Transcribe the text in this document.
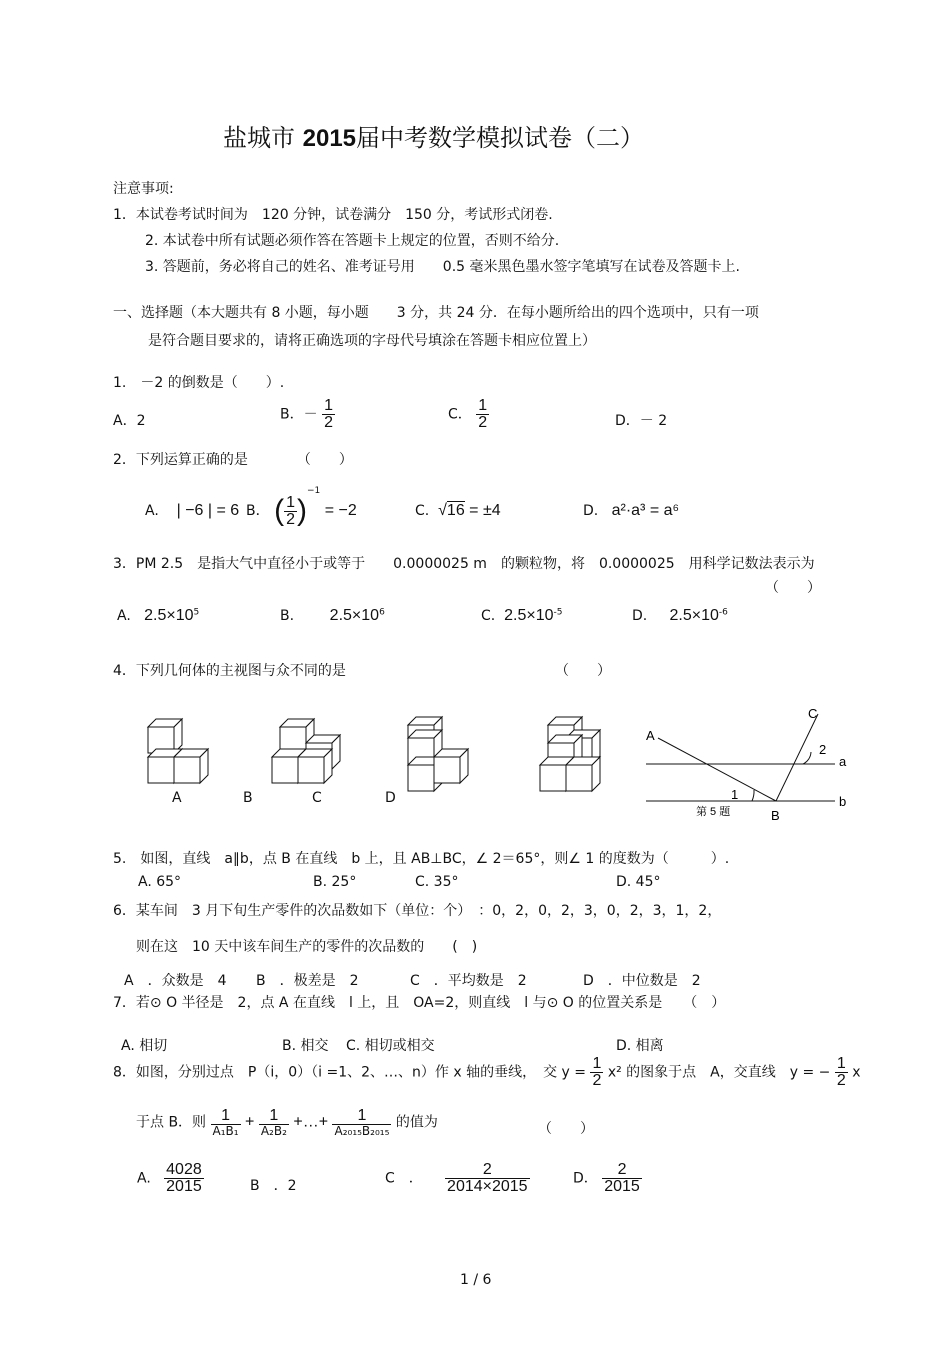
盐城市 2015届中考数学模拟试卷（二）
注意事项:
1．本试卷考试时间为　120 分钟，试卷满分　150 分，考试形式闭卷.
2. 本试卷中所有试题必须作答在答题卡上规定的位置，否则不给分.
3. 答题前，务必将自己的姓名、准考证号用　　0.5 毫米黑色墨水签字笔填写在试卷及答题卡上.
一、选择题（本大题共有 8 小题，每小题　　3 分，共 24 分．在每小题所给出的四个选项中，只有一项
是符合题目要求的，请将正确选项的字母代号填涂在答题卡相应位置上）
1.　－2 的倒数是（　　）.
A．2	B．－ $\frac{1}{2}$	C． $\frac{1}{2}$	D．－ 2
2．下列运算正确的是　　　　（　　）
A. | −6 | = 6 B． ( $\frac{1}{2} )^{-1} = -2$	C. √16 = ±4	D. a²·a³ = a⁶
3．PM 2.5　是指大气中直径小于或等于　　0.0000025 m　的颗粒物，将　0.0000025　用科学记数法表示为
（　　）
A. $2.5\times 10^5$	B. $2.5\times 10^6$	C. $2.5\times 10^{-5}$	D. $2.5\times 10^{-6}$
4．下列几何体的主视图与众不同的是	（　　）
A	B	C	D
A
C
2
a
1	b
第 5 题	B
5.　如图，直线　a∥b，点 B 在直线　b 上，且 AB⊥BC，∠ 2＝65°，则∠ 1 的度数为（　　　）.
A. 65°	B. 25°	C. 35°	D. 45°
6．某车间　3 月下旬生产零件的次品数如下（单位：个）　：0，2，0，2，3，0，2，3，1，2，
则在这　10 天中该车间生产的零件的次品数的　　(　)
A　．众数是　4 B　．极差是　2	C　．平均数是　2	D　．中位数是　2
7．若⊙ O 半径是　2，点 A 在直线　l 上，且　OA=2，则直线　l 与⊙ O 的位置关系是　　（　）
A. 相切	B. 相交 C. 相切或相交	D. 相离
8．如图，分别过点　P（i，0）（i =1、2、…、n）作 x 轴的垂线，　交 $y = \frac{1}{2} x^2$ 的图象于点　A，交直线　y = − $\frac{1}{2}$ x
于点 B．则 $\frac{1}{\text{A₁B₁}} + \frac{1}{\text{A₂B₂}}$ +…+ $\frac{1}{\text{A₂₀₁₅B₂₀₁₅}}$ 的值为	（　　）
A. $\frac{4028}{2015}$	B　．2	C　． $\frac{2}{2014\times 2015}$	D． $\frac{2}{2015}$
1 / 6
